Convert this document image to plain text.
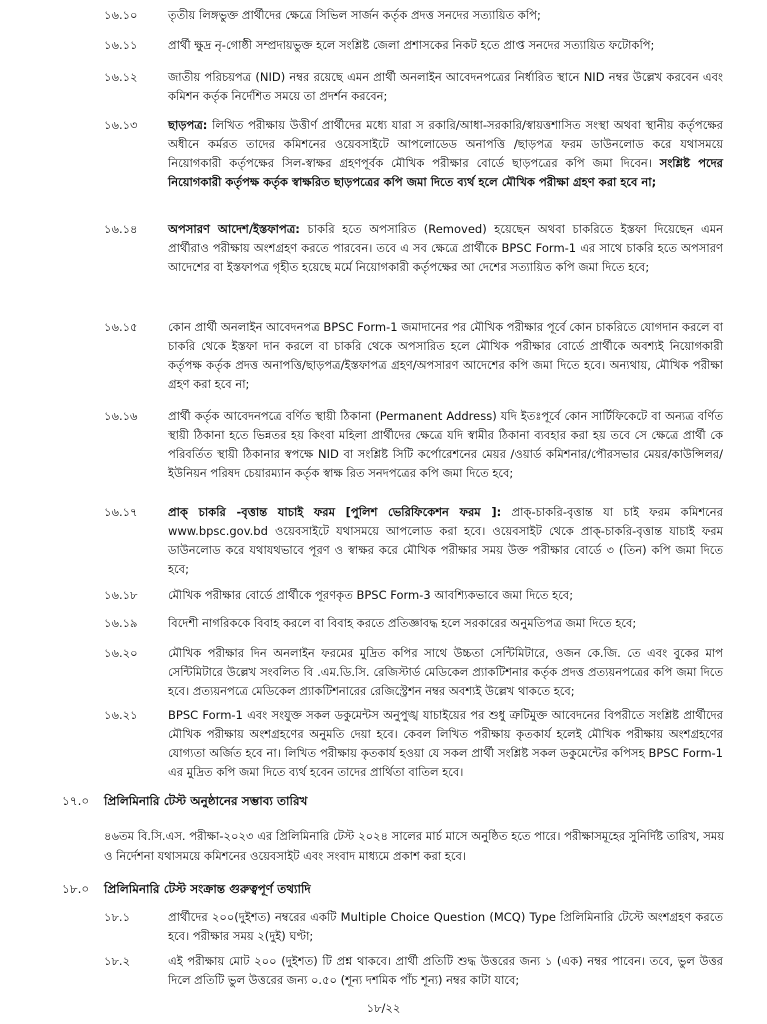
১৬.১০	তৃতীয় লিঙ্গভুক্ত প্রার্থীদের ক্ষেত্রে সিভিল সার্জন কর্তৃক প্রদত্ত সনদের সত্যায়িত কপি;
১৬.১১	প্রার্থী ক্ষুদ্র নৃ-গোষ্ঠী সম্প্রদায়ভুক্ত হলে সংশ্লিষ্ট জেলা প্রশাসকের নিকট হতে প্রাপ্ত সনদের সত্যায়িত ফটোকপি;
১৬.১২	জাতীয় পরিচয়পত্র (NID) নম্বর রয়েছে এমন প্রার্থী অনলাইন আবেদনপত্রের নির্ধারিত স্থানে NID নম্বর উল্লেখ করবেন এবং কমিশন কর্তৃক নির্দেশিত সময়ে তা প্রদর্শন করবেন;
১৬.১৩	ছাড়পত্র: লিখিত পরীক্ষায় উত্তীর্ণ প্রার্থীদের মধ্যে যারা স রকারি/আধা-সরকারি/স্বায়ত্তশাসিত সংস্থা অথবা স্থানীয় কর্তৃপক্ষের অধীনে কর্মরত তাদের কমিশনের ওয়েবসাইটে আপলোডেড অনাপত্তি /ছাড়পত্র ফরম ডাউনলোড করে যথাসময়ে নিয়োগকারী কর্তৃপক্ষের সিল-স্বাক্ষর গ্রহণপূর্বক মৌখিক পরীক্ষার বোর্ডে ছাড়পত্রের কপি জমা দিবেন। সংশ্লিষ্ট পদের নিয়োগকারী কর্তৃপক্ষ কর্তৃক স্বাক্ষরিত ছাড়পত্রের কপি জমা দিতে ব্যর্থ হলে মৌখিক পরীক্ষা গ্রহণ করা হবে না;
১৬.১৪	অপসারণ আদেশ/ইস্তফাপত্র: চাকরি হতে অপসারিত (Removed) হয়েছেন অথবা চাকরিতে ইস্তফা দিয়েছেন এমন প্রার্থীরাও পরীক্ষায় অংশগ্রহণ করতে পারবেন। তবে এ সব ক্ষেত্রে প্রার্থীকে BPSC Form-1 এর সাথে চাকরি হতে অপসারণ আদেশের বা ইস্তফাপত্র গৃহীত হয়েছে মর্মে নিয়োগকারী কর্তৃপক্ষের আ দেশের সত্যায়িত কপি জমা দিতে হবে;
১৬.১৫	কোন প্রার্থী অনলাইন আবেদনপত্র BPSC Form-1 জমাদানের পর মৌখিক পরীক্ষার পূর্বে কোন চাকরিতে যোগদান করলে বা চাকরি থেকে ইস্তফা দান করলে বা চাকরি থেকে অপসারিত হলে মৌখিক পরীক্ষার বোর্ডে প্রার্থীকে অবশ্যই নিয়োগকারী কর্তৃপক্ষ কর্তৃক প্রদত্ত অনাপত্তি/ছাড়পত্র/ইস্তফাপত্র গ্রহণ/অপসারণ আদেশের কপি জমা দিতে হবে। অন্যথায়, মৌখিক পরীক্ষা গ্রহণ করা হবে না;
১৬.১৬	প্রার্থী কর্তৃক আবেদনপত্রে বর্ণিত স্থায়ী ঠিকানা (Permanent Address) যদি ইতঃপূর্বে কোন সার্টিফিকেটে বা অন্যত্র বর্ণিত স্থায়ী ঠিকানা হতে ভিন্নতর হয় কিংবা মহিলা প্রার্থীদের ক্ষেত্রে যদি স্বামীর ঠিকানা ব্যবহার করা হয় তবে সে ক্ষেত্রে প্রার্থী কে পরিবর্তিত স্থায়ী ঠিকানার স্বপক্ষে NID বা সংশ্লিষ্ট সিটি কর্পোরেশনের মেয়র /ওয়ার্ড কমিশনার/পৌরসভার মেয়র/কাউন্সিলর/ইউনিয়ন পরিষদ চেয়ারম্যান কর্তৃক স্বাক্ষ রিত সনদপত্রের কপি জমা দিতে হবে;
১৬.১৭	প্রাক্ চাকরি -বৃত্তান্ত যাচাই ফরম [পুলিশ ভেরিফিকেশন ফরম ]: প্রাক্-চাকরি-বৃত্তান্ত যা চাই ফরম কমিশনের www.bpsc.gov.bd ওয়েবসাইটে যথাসময়ে আপলোড করা হবে। ওয়েবসাইট থেকে প্রাক্-চাকরি-বৃত্তান্ত যাচাই ফরম ডাউনলোড করে যথাযথভাবে পূরণ ও স্বাক্ষর করে মৌখিক পরীক্ষার সময় উক্ত পরীক্ষার বোর্ডে ৩ (তিন) কপি জমা দিতে হবে;
১৬.১৮	মৌখিক পরীক্ষার বোর্ডে প্রার্থীকে পূরণকৃত BPSC Form-3 আবশ্যিকভাবে জমা দিতে হবে;
১৬.১৯	বিদেশী নাগরিককে বিবাহ করলে বা বিবাহ করতে প্রতিজ্ঞাবদ্ধ হলে সরকারের অনুমতিপত্র জমা দিতে হবে;
১৬.২০	মৌখিক পরীক্ষার দিন অনলাইন ফরমের মুদ্রিত কপির সাথে উচ্চতা সেন্টিমিটারে, ওজন কে.জি. তে এবং বুকের মাপ সেন্টিমিটারে উল্লেখ সংবলিত বি .এম.ডি.সি. রেজিস্টার্ড মেডিকেল প্র্যাকটিশনার কর্তৃক প্রদত্ত প্রত্যয়নপত্রের কপি জমা দিতে হবে। প্রত্যয়নপত্রে মেডিকেল প্র্যাকটিশনারের রেজিস্ট্রেশন নম্বর অবশ্যই উল্লেখ থাকতে হবে;
১৬.২১	BPSC Form-1 এবং সংযুক্ত সকল ডকুমেন্টস অনুপুঙ্খ যাচাইয়ের পর শুধু ত্রুটিমুক্ত আবেদনের বিপরীতে সংশ্লিষ্ট প্রার্থীদের মৌখিক পরীক্ষায় অংশগ্রহণের অনুমতি দেয়া হবে। কেবল লিখিত পরীক্ষায় কৃতকার্য হলেই মৌখিক পরীক্ষায় অংশগ্রহণের যোগ্যতা অর্জিত হবে না। লিখিত পরীক্ষায় কৃতকার্য হওয়া যে সকল প্রার্থী সংশ্লিষ্ট সকল ডকুমেন্টের কপিসহ BPSC Form-1 এর মুদ্রিত কপি জমা দিতে ব্যর্থ হবেন তাদের প্রার্থিতা বাতিল হবে।
১৭.০	প্রিলিমিনারি টেস্ট অনুষ্ঠানের সম্ভাব্য তারিখ
৪৬তম বি.সি.এস. পরীক্ষা-২০২৩ এর প্রিলিমিনারি টেস্ট ২০২৪ সালের মার্চ মাসে অনুষ্ঠিত হতে পারে। পরীক্ষাসমূহের সুনির্দিষ্ট তারিখ, সময় ও নির্দেশনা যথাসময়ে কমিশনের ওয়েবসাইট এবং সংবাদ মাধ্যমে প্রকাশ করা হবে।
১৮.০	প্রিলিমিনারি টেস্ট সংক্রান্ত গুরুত্বপূর্ণ তথ্যাদি
১৮.১	প্রার্থীদের ২০০(দুইশত) নম্বরের একটি Multiple Choice Question (MCQ) Type প্রিলিমিনারি টেস্টে অংশগ্রহণ করতে হবে। পরীক্ষার সময় ২(দুই) ঘণ্টা;
১৮.২	এই পরীক্ষায় মোট ২০০ (দুইশত) টি প্রশ্ন থাকবে। প্রার্থী প্রতিটি শুদ্ধ উত্তরের জন্য ১ (এক) নম্বর পাবেন। তবে, ভুল উত্তর দিলে প্রতিটি ভুল উত্তরের জন্য ০.৫০ (শূন্য দশমিক পাঁচ শূন্য) নম্বর কাটা যাবে;
১৮/২২
